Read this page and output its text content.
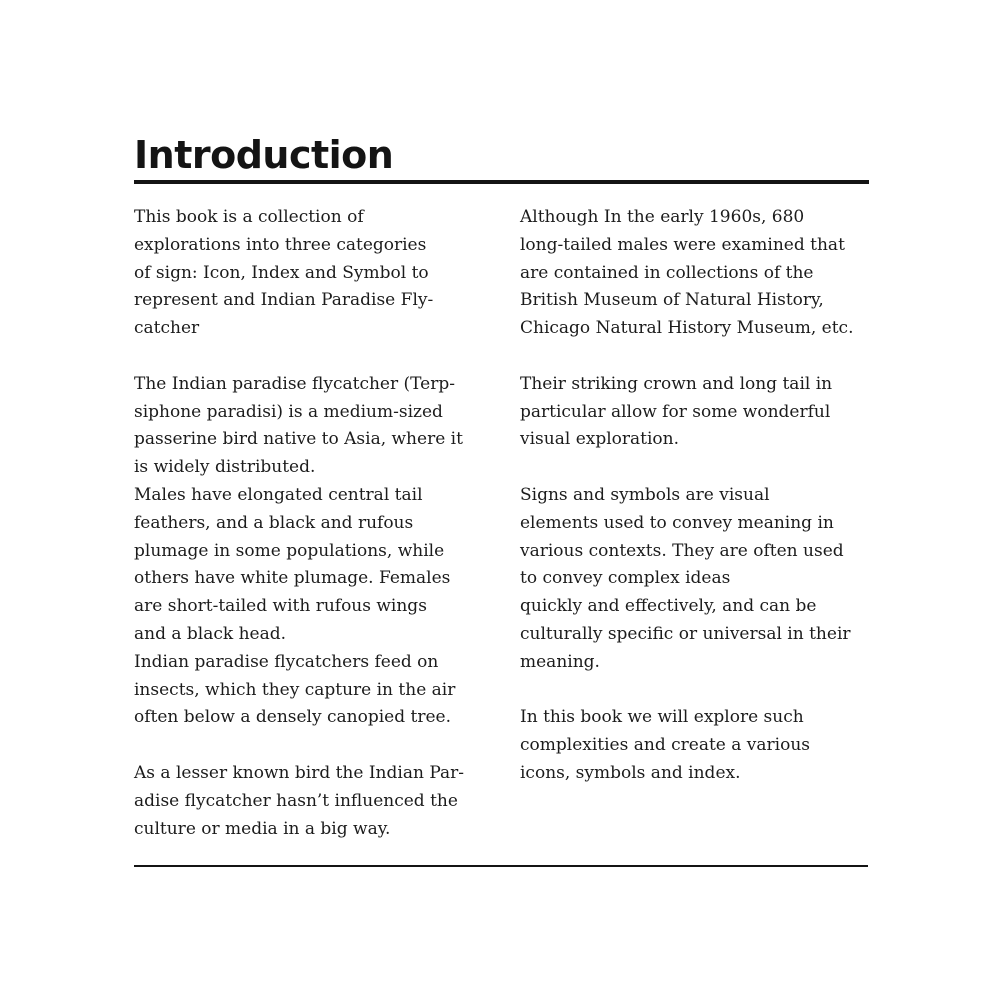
Introduction
This book is a collection of
explorations into three categories
of sign: Icon, Index and Symbol to
represent and Indian Paradise Fly-
catcher
The Indian paradise flycatcher (Terp-
siphone paradisi) is a medium-sized
passerine bird native to Asia, where it
is widely distributed.
Males have elongated central tail
feathers, and a black and rufous
plumage in some populations, while
others have white plumage. Females
are short-tailed with rufous wings
and a black head.
Indian paradise flycatchers feed on
insects, which they capture in the air
often below a densely canopied tree.
As a lesser known bird the Indian Par-
adise flycatcher hasn’t influenced the
culture or media in a big way.
Although In the early 1960s, 680
long-tailed males were examined that
are contained in collections of the
British Museum of Natural History,
Chicago Natural History Museum, etc.
Their striking crown and long tail in
particular allow for some wonderful
visual exploration.
Signs and symbols are visual
elements used to convey meaning in
various contexts. They are often used
to convey complex ideas
quickly and effectively, and can be
culturally specific or universal in their
meaning.
In this book we will explore such
complexities and create a various
icons, symbols and index.
